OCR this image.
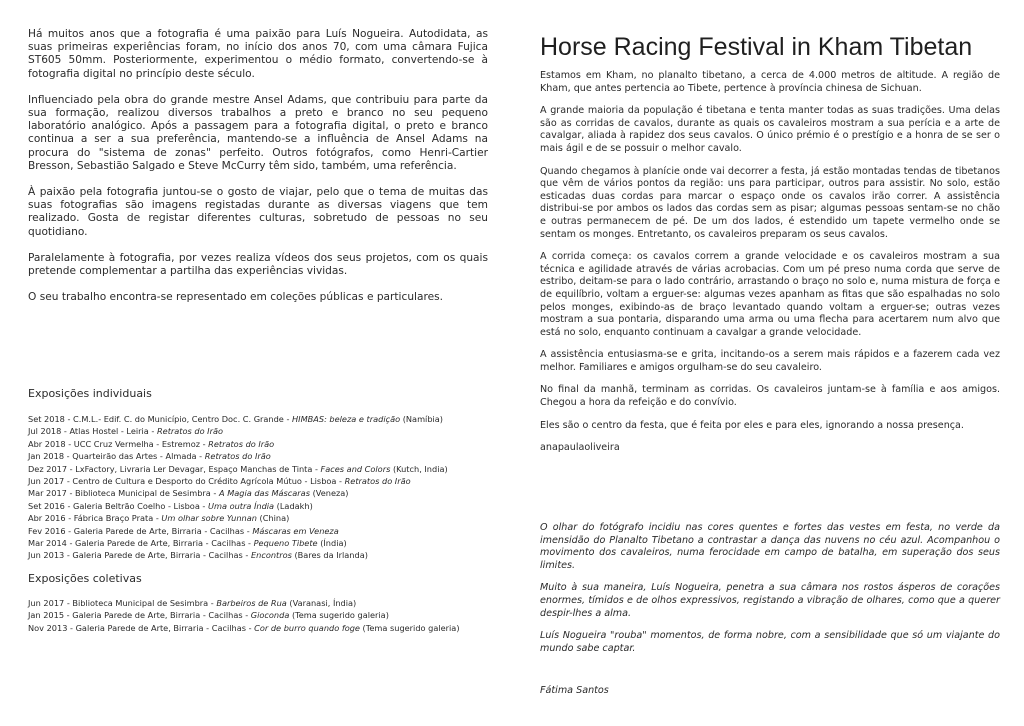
Há muitos anos que a fotografia é uma paixão para Luís Nogueira. Autodidata, as suas primeiras experiências foram, no início dos anos 70, com uma câmara Fujica ST605 50mm. Posteriormente, experimentou o médio formato, convertendo-se à fotografia digital no princípio deste século.

Influenciado pela obra do grande mestre Ansel Adams, que contribuiu para parte da sua formação, realizou diversos trabalhos a preto e branco no seu pequeno laboratório analógico. Após a passagem para a fotografia digital, o preto e branco continua a ser a sua preferência, mantendo-se a influência de Ansel Adams na procura do "sistema de zonas" perfeito. Outros fotógrafos, como Henri-Cartier Bresson, Sebastião Salgado e Steve McCurry têm sido, também, uma referência.

À paixão pela fotografia juntou-se o gosto de viajar, pelo que o tema de muitas das suas fotografias são imagens registadas durante as diversas viagens que tem realizado. Gosta de registar diferentes culturas, sobretudo de pessoas no seu quotidiano.

Paralelamente à fotografia, por vezes realiza vídeos dos seus projetos, com os quais pretende complementar a partilha das experiências vividas.

O seu trabalho encontra-se representado em coleções públicas e particulares.

Exposições individuais
Set 2018 - C.M.L.- Edif. C. do Município, Centro Doc. C. Grande - HIMBAS: beleza e tradição (Namíbia)
Jul 2018 - Atlas Hostel - Leiria - Retratos do Irão
Abr 2018 - UCC Cruz Vermelha - Estremoz - Retratos do Irão
Jan 2018 - Quarteirão das Artes - Almada - Retratos do Irão
Dez 2017 - LxFactory, Livraria Ler Devagar, Espaço Manchas de Tinta - Faces and Colors (Kutch, India)
Jun 2017 - Centro de Cultura e Desporto do Crédito Agrícola Mútuo - Lisboa - Retratos do Irão
Mar 2017 - Biblioteca Municipal de Sesimbra - A Magia das Máscaras (Veneza)
Set 2016 - Galeria Beltrão Coelho - Lisboa - Uma outra Índia (Ladakh)
Abr 2016 - Fábrica Braço Prata - Um olhar sobre Yunnan (China)
Fev 2016 - Galeria Parede de Arte, Birraria - Cacilhas - Máscaras em Veneza
Mar 2014 - Galeria Parede de Arte, Birraria - Cacilhas - Pequeno Tibete (Índia)
Jun 2013 - Galeria Parede de Arte, Birraria - Cacilhas - Encontros (Bares da Irlanda)
Exposições coletivas
Jun 2017 - Biblioteca Municipal de Sesimbra - Barbeiros de Rua (Varanasi, Índia)
Jan 2015 - Galeria Parede de Arte, Birraria - Cacilhas - Gioconda (Tema sugerido galeria)
Nov 2013 - Galeria Parede de Arte, Birraria - Cacilhas - Cor de burro quando foge (Tema sugerido galeria)
Horse Racing Festival in Kham Tibetan

Estamos em Kham, no planalto tibetano, a cerca de 4.000 metros de altitude. A região de Kham, que antes pertencia ao Tibete, pertence à província chinesa de Sichuan.

A grande maioria da população é tibetana e tenta manter todas as suas tradições. Uma delas são as corridas de cavalos, durante as quais os cavaleiros mostram a sua perícia e a arte de cavalgar, aliada à rapidez dos seus cavalos. O único prémio é o prestígio e a honra de se ser o mais ágil e de se possuir o melhor cavalo.

Quando chegamos à planície onde vai decorrer a festa, já estão montadas tendas de tibetanos que vêm de vários pontos da região: uns para participar, outros para assistir. No solo, estão esticadas duas cordas para marcar o espaço onde os cavalos irão correr. A assistência distribui-se por ambos os lados das cordas sem as pisar; algumas pessoas sentam-se no chão e outras permanecem de pé. De um dos lados, é estendido um tapete vermelho onde se sentam os monges. Entretanto, os cavaleiros preparam os seus cavalos.

A corrida começa: os cavalos correm a grande velocidade e os cavaleiros mostram a sua técnica e agilidade através de várias acrobacias. Com um pé preso numa corda que serve de estribo, deitam-se para o lado contrário, arrastando o braço no solo e, numa mistura de força e de equilíbrio, voltam a erguer-se: algumas vezes apanham as fitas que são espalhadas no solo pelos monges, exibindo-as de braço levantado quando voltam a erguer-se; outras vezes mostram a sua pontaria, disparando uma arma ou uma flecha para acertarem num alvo que está no solo, enquanto continuam a cavalgar a grande velocidade.

A assistência entusiasma-se e grita, incitando-os a serem mais rápidos e a fazerem cada vez melhor. Familiares e amigos orgulham-se do seu cavaleiro.

No final da manhã, terminam as corridas. Os cavaleiros juntam-se à família e aos amigos. Chegou a hora da refeição e do convívio.

Eles são o centro da festa, que é feita por eles e para eles, ignorando a nossa presença.

anapaulaoliveira

O olhar do fotógrafo incidiu nas cores quentes e fortes das vestes em festa, no verde da imensidão do Planalto Tibetano a contrastar a dança das nuvens no céu azul. Acompanhou o movimento dos cavaleiros, numa ferocidade em campo de batalha, em superação dos seus limites.

Muito à sua maneira, Luís Nogueira, penetra a sua câmara nos rostos ásperos de corações enormes, tímidos e de olhos expressivos, registando a vibração de olhares, como que a querer despir-lhes a alma.

Luís Nogueira "rouba" momentos, de forma nobre, com a sensibilidade que só um viajante do mundo sabe captar.

Fátima Santos
